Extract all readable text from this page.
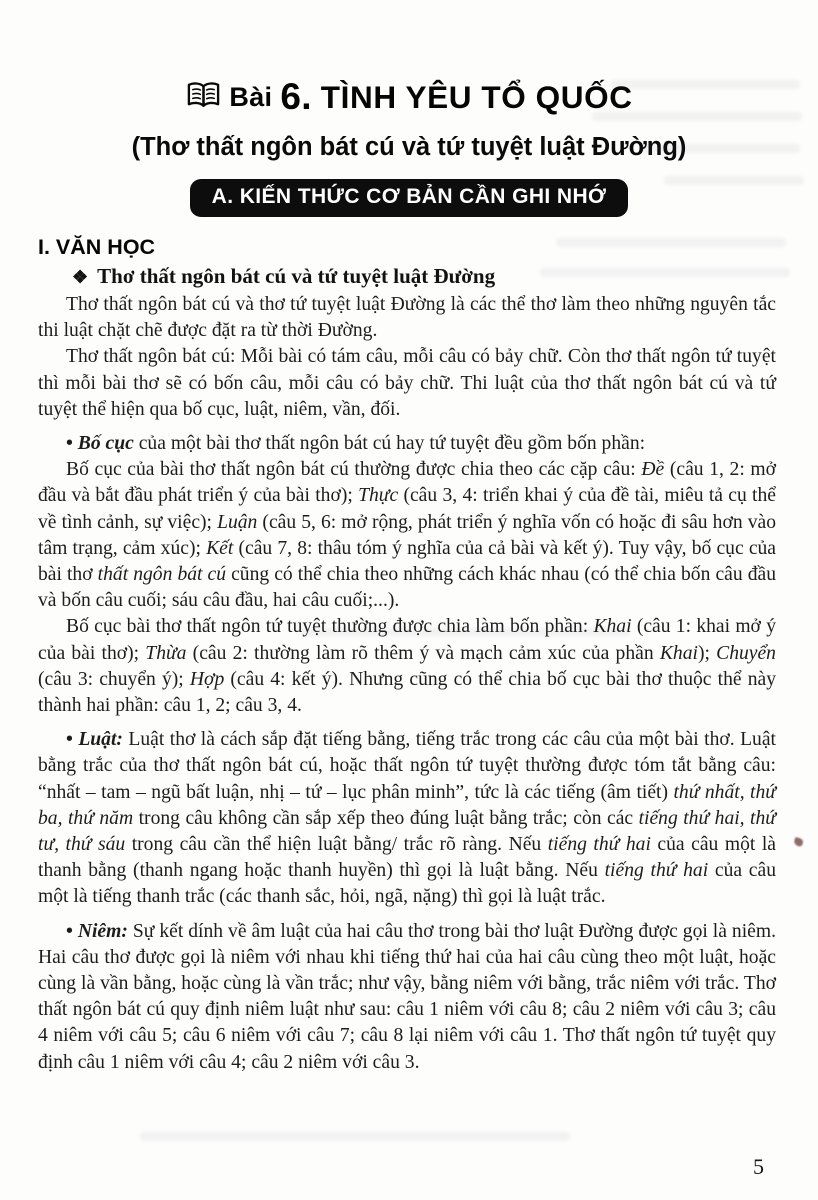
Bài 6. TÌNH YÊU TỔ QUỐC
(Thơ thất ngôn bát cú và tứ tuyệt luật Đường)
A. KIẾN THỨC CƠ BẢN CẦN GHI NHỚ
I. VĂN HỌC
❖ Thơ thất ngôn bát cú và tứ tuyệt luật Đường

Thơ thất ngôn bát cú và thơ tứ tuyệt luật Đường là các thể thơ làm theo những nguyên tắc thi luật chặt chẽ được đặt ra từ thời Đường.

Thơ thất ngôn bát cú: Mỗi bài có tám câu, mỗi câu có bảy chữ. Còn thơ thất ngôn tứ tuyệt thì mỗi bài thơ sẽ có bốn câu, mỗi câu có bảy chữ. Thi luật của thơ thất ngôn bát cú và tứ tuyệt thể hiện qua bố cục, luật, niêm, vần, đối.

• Bố cục của một bài thơ thất ngôn bát cú hay tứ tuyệt đều gồm bốn phần:

Bố cục của bài thơ thất ngôn bát cú thường được chia theo các cặp câu: Đề (câu 1, 2: mở đầu và bắt đầu phát triển ý của bài thơ); Thực (câu 3, 4: triển khai ý của đề tài, miêu tả cụ thể về tình cảnh, sự việc); Luận (câu 5, 6: mở rộng, phát triển ý nghĩa vốn có hoặc đi sâu hơn vào tâm trạng, cảm xúc); Kết (câu 7, 8: thâu tóm ý nghĩa của cả bài và kết ý). Tuy vậy, bố cục của bài thơ thất ngôn bát cú cũng có thể chia theo những cách khác nhau (có thể chia bốn câu đầu và bốn câu cuối; sáu câu đầu, hai câu cuối;...).

Bố cục bài thơ thất ngôn tứ tuyệt thường được chia làm bốn phần: Khai (câu 1: khai mở ý của bài thơ); Thừa (câu 2: thường làm rõ thêm ý và mạch cảm xúc của phần Khai); Chuyển (câu 3: chuyển ý); Hợp (câu 4: kết ý). Nhưng cũng có thể chia bố cục bài thơ thuộc thể này thành hai phần: câu 1, 2; câu 3, 4.

• Luật: Luật thơ là cách sắp đặt tiếng bằng, tiếng trắc trong các câu của một bài thơ. Luật bằng trắc của thơ thất ngôn bát cú, hoặc thất ngôn tứ tuyệt thường được tóm tắt bằng câu: “nhất – tam – ngũ bất luận, nhị – tứ – lục phân minh”, tức là các tiếng (âm tiết) thứ nhất, thứ ba, thứ năm trong câu không cần sắp xếp theo đúng luật bằng trắc; còn các tiếng thứ hai, thứ tư, thứ sáu trong câu cần thể hiện luật bằng/ trắc rõ ràng. Nếu tiếng thứ hai của câu một là thanh bằng (thanh ngang hoặc thanh huyền) thì gọi là luật bằng. Nếu tiếng thứ hai của câu một là tiếng thanh trắc (các thanh sắc, hỏi, ngã, nặng) thì gọi là luật trắc.

• Niêm: Sự kết dính về âm luật của hai câu thơ trong bài thơ luật Đường được gọi là niêm. Hai câu thơ được gọi là niêm với nhau khi tiếng thứ hai của hai câu cùng theo một luật, hoặc cùng là vần bằng, hoặc cùng là vần trắc; như vậy, bằng niêm với bằng, trắc niêm với trắc. Thơ thất ngôn bát cú quy định niêm luật như sau: câu 1 niêm với câu 8; câu 2 niêm với câu 3; câu 4 niêm với câu 5; câu 6 niêm với câu 7; câu 8 lại niêm với câu 1. Thơ thất ngôn tứ tuyệt quy định câu 1 niêm với câu 4; câu 2 niêm với câu 3.

5
